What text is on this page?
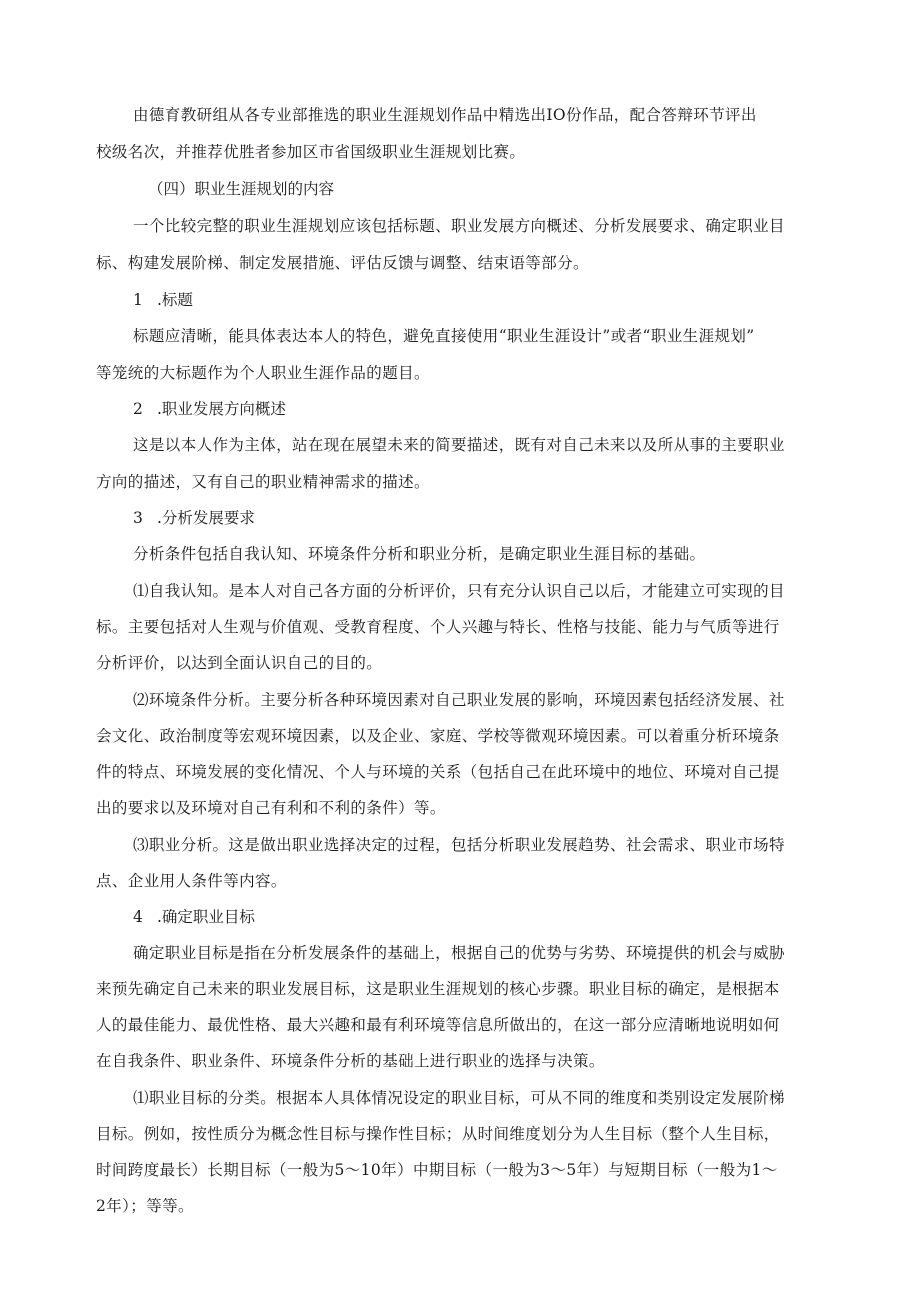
由德育教研组从各专业部推选的职业生涯规划作品中精选出IO份作品，配合答辩环节评出
校级名次，并推荐优胜者参加区市省国级职业生涯规划比赛。
（四）职业生涯规划的内容
一个比较完整的职业生涯规划应该包括标题、职业发展方向概述、分析发展要求、确定职业目
标、构建发展阶梯、制定发展措施、评估反馈与调整、结束语等部分。
1 .标题
标题应清晰，能具体表达本人的特色，避免直接使用“职业生涯设计”或者“职业生涯规划”
等笼统的大标题作为个人职业生涯作品的题目。
2 .职业发展方向概述
这是以本人作为主体，站在现在展望未来的简要描述，既有对自己未来以及所从事的主要职业
方向的描述，又有自己的职业精神需求的描述。
3 .分析发展要求
分析条件包括自我认知、环境条件分析和职业分析，是确定职业生涯目标的基础。
⑴自我认知。是本人对自己各方面的分析评价，只有充分认识自己以后，才能建立可实现的目
标。主要包括对人生观与价值观、受教育程度、个人兴趣与特长、性格与技能、能力与气质等进行
分析评价，以达到全面认识自己的目的。
⑵环境条件分析。主要分析各种环境因素对自己职业发展的影响，环境因素包括经济发展、社
会文化、政治制度等宏观环境因素，以及企业、家庭、学校等微观环境因素。可以着重分析环境条
件的特点、环境发展的变化情况、个人与环境的关系（包括自己在此环境中的地位、环境对自己提
出的要求以及环境对自己有利和不利的条件）等。
⑶职业分析。这是做出职业选择决定的过程，包括分析职业发展趋势、社会需求、职业市场特
点、企业用人条件等内容。
4 .确定职业目标
确定职业目标是指在分析发展条件的基础上，根据自己的优势与劣势、环境提供的机会与威胁
来预先确定自己未来的职业发展目标，这是职业生涯规划的核心步骤。职业目标的确定，是根据本
人的最佳能力、最优性格、最大兴趣和最有利环境等信息所做出的，在这一部分应清晰地说明如何
在自我条件、职业条件、环境条件分析的基础上进行职业的选择与决策。
⑴职业目标的分类。根据本人具体情况设定的职业目标，可从不同的维度和类别设定发展阶梯
目标。例如，按性质分为概念性目标与操作性目标；从时间维度划分为人生目标（整个人生目标，
时间跨度最长）长期目标（一般为5〜10年）中期目标（一般为3〜5年）与短期目标（一般为1〜
2年）；等等。
